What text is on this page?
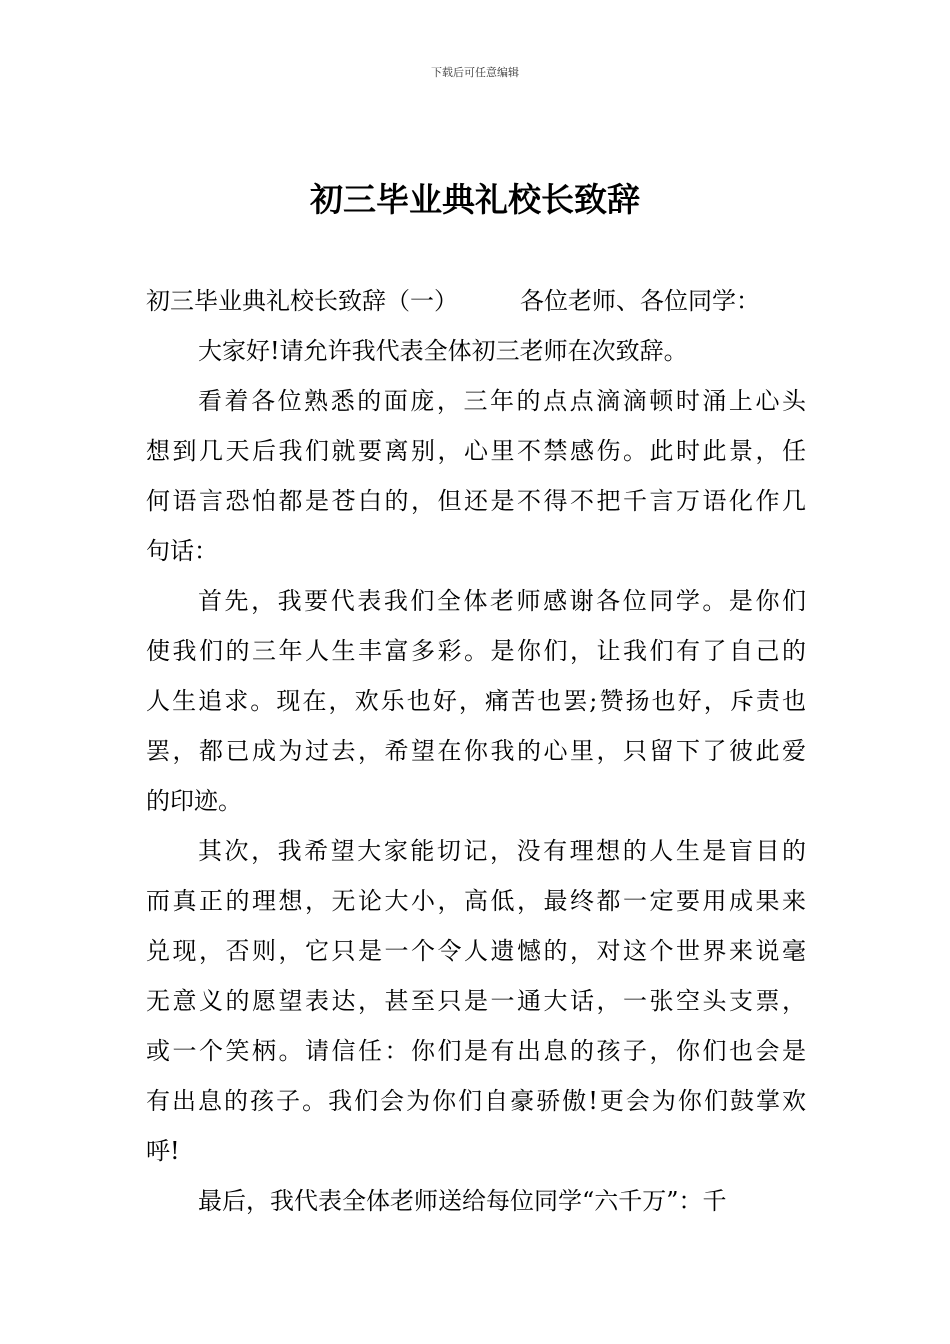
下载后可任意编辑
初三毕业典礼校长致辞
初三毕业典礼校长致辞（一）	各位老师、各位同学：
大家好!请允许我代表全体初三老师在次致辞。
看着各位熟悉的面庞，三年的点点滴滴顿时涌上心头
想到几天后我们就要离别，心里不禁感伤。此时此景，任
何语言恐怕都是苍白的，但还是不得不把千言万语化作几
句话：
首先，我要代表我们全体老师感谢各位同学。是你们
使我们的三年人生丰富多彩。是你们，让我们有了自己的
人生追求。现在，欢乐也好，痛苦也罢;赞扬也好，斥责也
罢，都已成为过去，希望在你我的心里，只留下了彼此爱
的印迹。
其次，我希望大家能切记，没有理想的人生是盲目的
而真正的理想，无论大小，高低，最终都一定要用成果来
兑现，否则，它只是一个令人遗憾的，对这个世界来说毫
无意义的愿望表达，甚至只是一通大话，一张空头支票，
或一个笑柄。请信任：你们是有出息的孩子，你们也会是
有出息的孩子。我们会为你们自豪骄傲!更会为你们鼓掌欢
呼!
最后，我代表全体老师送给每位同学“六千万”：千
